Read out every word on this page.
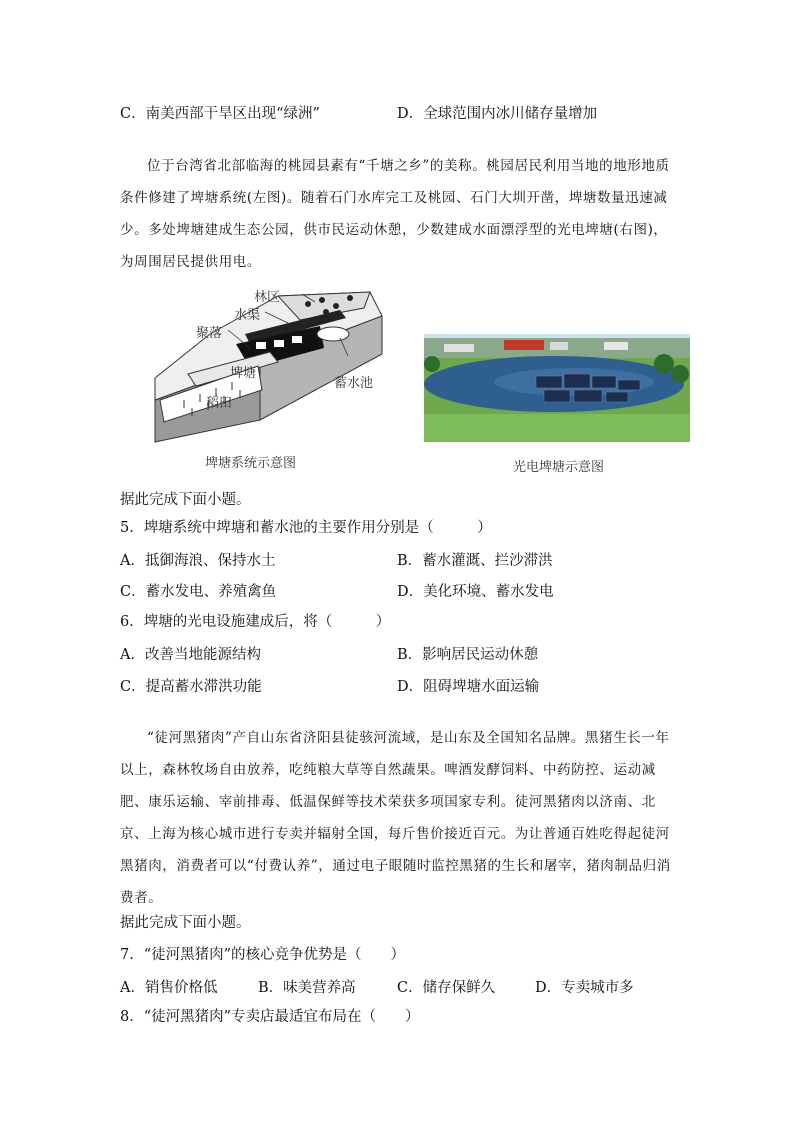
C．南美西部干旱区出现“绿洲”	D．全球范围内冰川储存量增加
位于台湾省北部临海的桃园县素有“千塘之乡”的美称。桃园居民利用当地的地形地质条件修建了埤塘系统(左图)。随着石门水库完工及桃园、石门大圳开凿，埤塘数量迅速减少。多处埤塘建成生态公园，供市民运动休憩，少数建成水面漂浮型的光电埤塘(右图)，为周围居民提供用电。
林区
水渠
聚落
埤塘
蓄水池
稻田
埤塘系统示意图	光电埤塘示意图
据此完成下面小题。
5．埤塘系统中埤塘和蓄水池的主要作用分别是（　　　）
A．抵御海浪、保持水土	B．蓄水灌溉、拦沙滞洪
C．蓄水发电、养殖禽鱼	D．美化环境、蓄水发电
6．埤塘的光电设施建成后，将（　　　）
A．改善当地能源结构	B．影响居民运动休憩
C．提高蓄水滞洪功能	D．阻碍埤塘水面运输
“徒河黑猪肉”产自山东省济阳县徒骇河流域，是山东及全国知名品牌。黑猪生长一年以上，森林牧场自由放养，吃纯粮大草等自然蔬果。啤酒发酵饲料、中药防控、运动减肥、康乐运输、宰前排毒、低温保鲜等技术荣获多项国家专利。徒河黑猪肉以济南、北京、上海为核心城市进行专卖并辐射全国，每斤售价接近百元。为让普通百姓吃得起徒河黑猪肉，消费者可以“付费认养”，通过电子眼随时监控黑猪的生长和屠宰，猪肉制品归消费者。
据此完成下面小题。
7．“徒河黑猪肉”的核心竞争优势是（　　）
A．销售价格低	B．味美营养高	C．储存保鲜久	D．专卖城市多
8．“徒河黑猪肉”专卖店最适宜布局在（　　）
